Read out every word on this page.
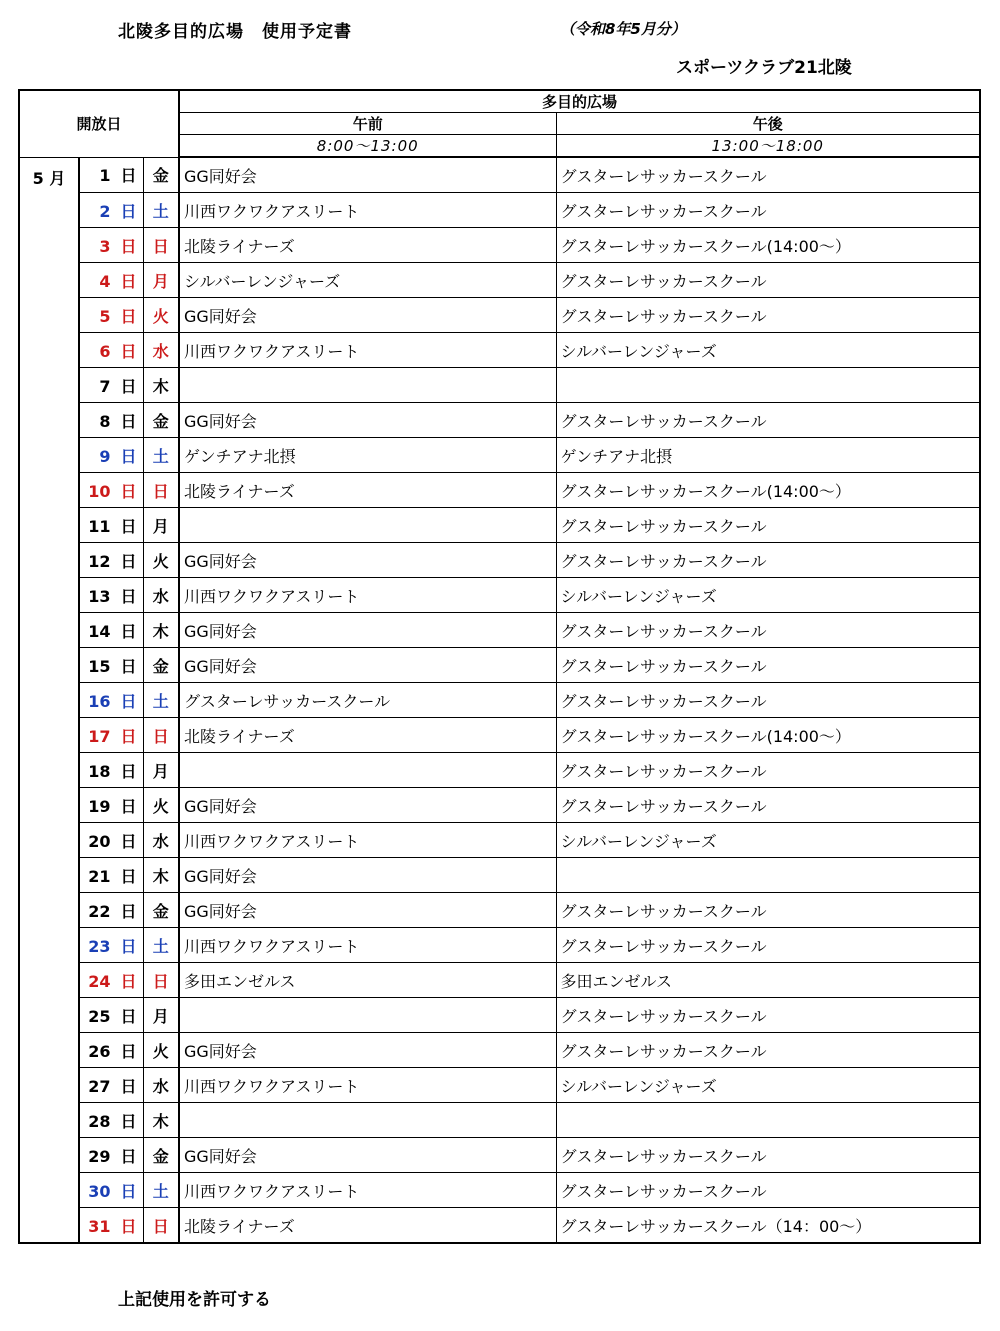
北陵多目的広場　使用予定書	（令和8年5月分）
スポーツクラブ21北陵
開放日			多目的広場	
			午前	午後
			8:00〜13:00	13:00〜18:00
5 月	1 日	金	GG同好会	グスターレサッカースクール
	2 日	土	川西ワクワクアスリート	グスターレサッカースクール
	3 日	日	北陵ライナーズ	グスターレサッカースクール(14:00～）
	4 日	月	シルバーレンジャーズ	グスターレサッカースクール
	5 日	火	GG同好会	グスターレサッカースクール
	6 日	水	川西ワクワクアスリート	シルバーレンジャーズ
	7 日	木		
	8 日	金	GG同好会	グスターレサッカースクール
	9 日	土	ゲンチアナ北摂	ゲンチアナ北摂
	10 日	日	北陵ライナーズ	グスターレサッカースクール(14:00～）
	11 日	月		グスターレサッカースクール
	12 日	火	GG同好会	グスターレサッカースクール
	13 日	水	川西ワクワクアスリート	シルバーレンジャーズ
	14 日	木	GG同好会	グスターレサッカースクール
	15 日	金	GG同好会	グスターレサッカースクール
	16 日	土	グスターレサッカースクール	グスターレサッカースクール
	17 日	日	北陵ライナーズ	グスターレサッカースクール(14:00～）
	18 日	月		グスターレサッカースクール
	19 日	火	GG同好会	グスターレサッカースクール
	20 日	水	川西ワクワクアスリート	シルバーレンジャーズ
	21 日	木	GG同好会	
	22 日	金	GG同好会	グスターレサッカースクール
	23 日	土	川西ワクワクアスリート	グスターレサッカースクール
	24 日	日	多田エンゼルス	多田エンゼルス
	25 日	月		グスターレサッカースクール
	26 日	火	GG同好会	グスターレサッカースクール
	27 日	水	川西ワクワクアスリート	シルバーレンジャーズ
	28 日	木		
	29 日	金	GG同好会	グスターレサッカースクール
	30 日	土	川西ワクワクアスリート	グスターレサッカースクール
	31 日	日	北陵ライナーズ	グスターレサッカースクール（14：00～）
上記使用を許可する
